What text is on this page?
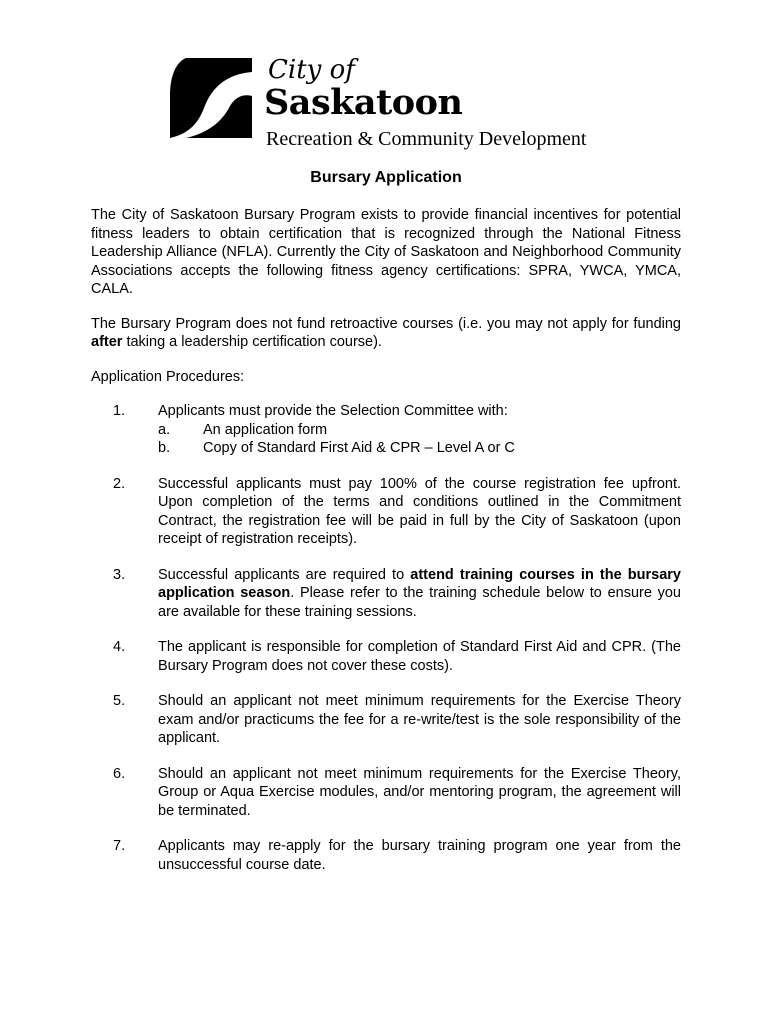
City of
Saskatoon
Recreation & Community Development
Bursary Application

The City of Saskatoon Bursary Program exists to provide financial incentives for potential fitness leaders to obtain certification that is recognized through the National Fitness Leadership Alliance (NFLA). Currently the City of Saskatoon and Neighborhood Community Associations accepts the following fitness agency certifications: SPRA, YWCA, YMCA, CALA.

The Bursary Program does not fund retroactive courses (i.e. you may not apply for funding after taking a leadership certification course).

Application Procedures:

1.	Applicants must provide the Selection Committee with:
a.	An application form
b.	Copy of Standard First Aid & CPR – Level A or C
2.	Successful applicants must pay 100% of the course registration fee upfront. Upon completion of the terms and conditions outlined in the Commitment Contract, the registration fee will be paid in full by the City of Saskatoon (upon receipt of registration receipts).
3.	Successful applicants are required to attend training courses in the bursary application season. Please refer to the training schedule below to ensure you are available for these training sessions.
4.	The applicant is responsible for completion of Standard First Aid and CPR. (The Bursary Program does not cover these costs).
5.	Should an applicant not meet minimum requirements for the Exercise Theory exam and/or practicums the fee for a re-write/test is the sole responsibility of the applicant.
6.	Should an applicant not meet minimum requirements for the Exercise Theory, Group or Aqua Exercise modules, and/or mentoring program, the agreement will be terminated.
7.	Applicants may re-apply for the bursary training program one year from the unsuccessful course date.
